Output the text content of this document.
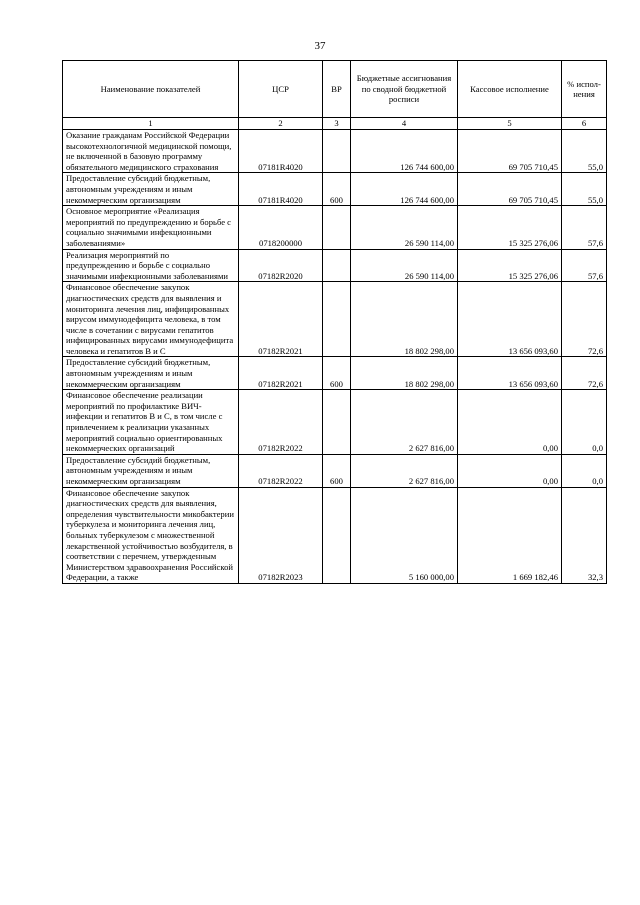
37
Наименование показателей	ЦСР	ВР	Бюджетные ассигнования по сводной бюджетной росписи	Кассовое исполнение	% испол-нения
1	2	3	4	5	6
Оказание гражданам Российской Федерации высокотехнологичной медицинской помощи, не включенной в базовую программу обязательного медицинского страхования	07181R4020		126 744 600,00	69 705 710,45	55,0
Предоставление субсидий бюджетным, автономным учреждениям и иным некоммерческим организациям	07181R4020	600	126 744 600,00	69 705 710,45	55,0
Основное мероприятие «Реализация мероприятий по предупреждению и борьбе с социально значимыми инфекционными заболеваниями»	0718200000		26 590 114,00	15 325 276,06	57,6
Реализация мероприятий по предупреждению и борьбе с социально значимыми инфекционными заболеваниями	07182R2020		26 590 114,00	15 325 276,06	57,6
Финансовое обеспечение закупок диагностических средств для выявления и мониторинга лечения лиц, инфицированных вирусом иммунодефицита человека, в том числе в сочетании с вирусами гепатитов инфицированных вирусами иммунодефицита человека и гепатитов В и С	07182R2021		18 802 298,00	13 656 093,60	72,6
Предоставление субсидий бюджетным, автономным учреждениям и иным некоммерческим организациям	07182R2021	600	18 802 298,00	13 656 093,60	72,6
Финансовое обеспечение реализации мероприятий по профилактике ВИЧ-инфекции и гепатитов В и С, в том числе с привлечением к реализации указанных мероприятий социально ориентированных некоммерческих организаций	07182R2022		2 627 816,00	0,00	0,0
Предоставление субсидий бюджетным, автономным учреждениям и иным некоммерческим организациям	07182R2022	600	2 627 816,00	0,00	0,0
Финансовое обеспечение закупок диагностических средств для выявления, определения чувствительности микобактерии туберкулеза и мониторинга лечения лиц, больных туберкулезом с множественной лекарственной устойчивостью возбудителя, в соответствии с перечнем, утвержденным Министерством здравоохранения Российской Федерации, а также	07182R2023		5 160 000,00	1 669 182,46	32,3
